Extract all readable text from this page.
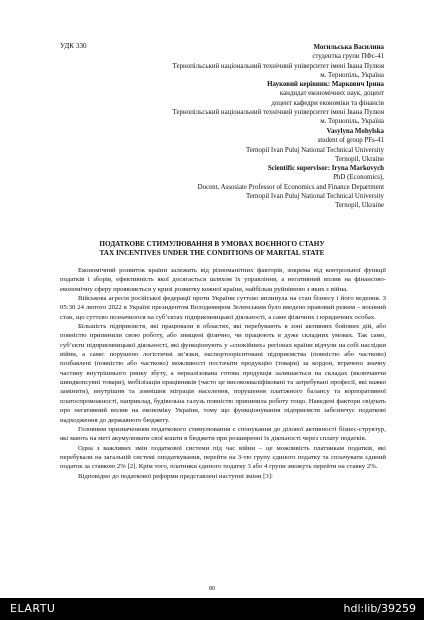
УДК 330	Могильська Василина
студентка групи ПФс-41
Тернопільський національний технічний університет імені Івана Пулюя
м. Тернопіль, Україна
Науковий керівник: Маркович Ірина
кандидат економічних наук, доцент
доцент кафедри економіки та фінансів
Тернопільський національний технічний університет імені Івана Пулюя
м. Тернопіль, Україна
Vasylyna Mohylska
student of group PFs-41
Ternopil Ivan Puluj National Technical University
Ternopil, Ukraine
Scientific supervisor: Iryna Markovych
PhD (Economics),
Docent, Assosiate Professor of Economics and Finance Department
Ternopil Ivan Puluj National Technical University
Ternopil, Ukraine
ПОДАТКОВЕ СТИМУЛЮВАННЯ В УМОВАХ ВОЄННОГО СТАНУ
TAX INCENTIVES UNDER THE CONDITIONS OF MARITAL STATE

Економічний розвиток країни залежить від різноманітних факторів, зокрема від контрольної функції податків і зборів, ефективність якої досягається шляхом їх управління, а негативний вплив на фінансово-економічну сферу проявляється у кризі розвитку кожної країни, найбільш руйнівною з яких є війна.

Військова агресія російської федерації проти України суттєво вплинула на стан бізнесу і його ведення. З 05:30 24 лютого 2022 в Україні президентом Володимиром Зеленським було введено правовий режим – воєнний стан, що суттєво позначилося на суб’єктах підприємницької діяльності, а саме фізичних і юридичних особах.

Більшість підприємств, які працювали в областях, які перебувають в зоні активних бойових дій, або повністю припинили свою роботу, або знищені фізично, чи працюють в дуже складних умовах. Так само, суб’єкти підприємницької діяльності, які функціонують у «спокійних» регіонах країни відчули на собі наслідки війни, а саме: порушено логістичні зв’язки, експортоорієнтовані підприємства (повністю або частково) позбавлені (повністю або частково) можливості постачати продукцію (товари) за кордон, втрачено значну частину внутрішнього ринку збуту, а нереалізована готова продукція залишається на складах (включаючи швидкопсувні товари), мобілізація працівників (часто це висококваліфіковані та затребувані професії, які важко замінити), внутрішня та зовнішня міграція населення, порушення платіжного балансу та корпоративної платоспроможності, наприклад, будівельна галузь повністю припинила роботу тощо. Наведені фактори свідчать про негативний вплив на економіку України, тому що функціонування підприємств забезпечує податкові надходження до державного бюджету.

Головним призначенням податкового стимулювання є спонукання до ділової активності бізнес-структур, які мають на меті акумулювати свої кошти в бюджети при розширенні їх діяльності через сплату податків.

Одна з важливих змін податкової системи під час війни – це можливість платникам податків, які перебували на загальній системі оподаткування, перейти на 3-тю групу єдиного податку та сплачувати єдиний податок за ставкою 2% [2]. Крім того, платники єдиного податку 3 або 4 групи зможуть перейти на ставку 2%.

Відповідно до податкової реформи представлені наступні зміни [3]:

80
ELARTU	hdl:lib/39259
